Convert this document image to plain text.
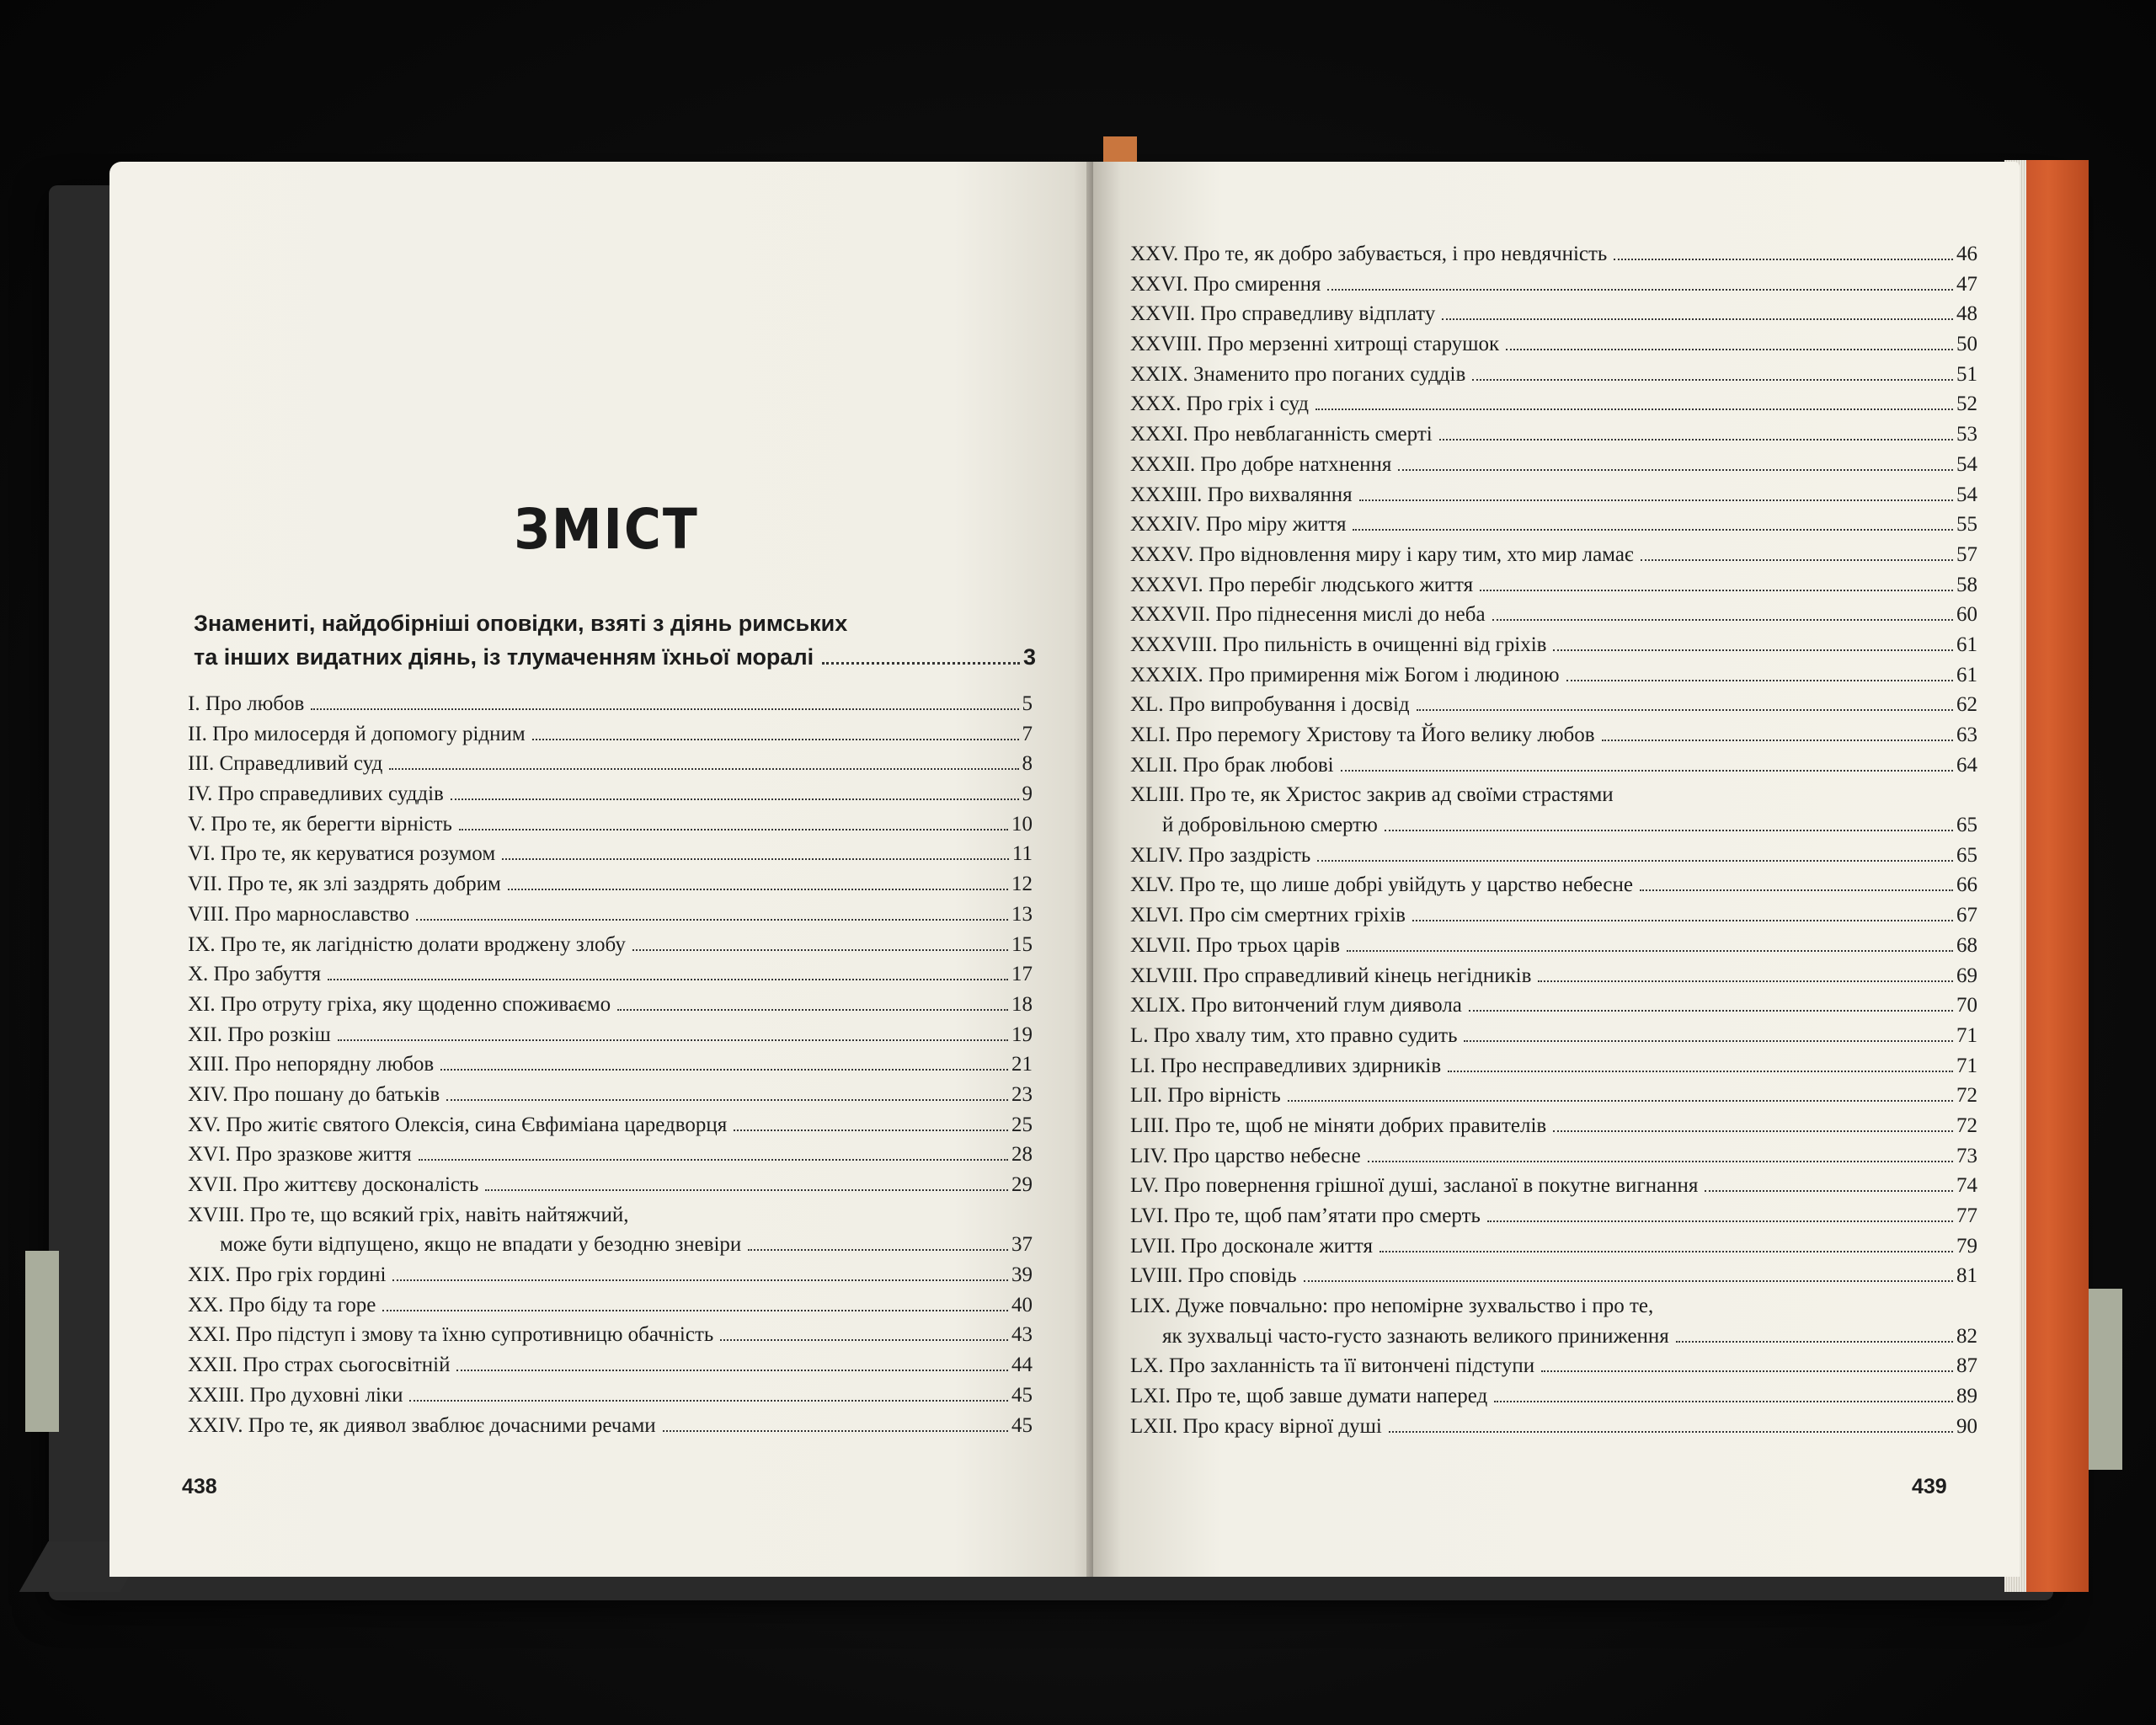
ЗМІСТ
Знамениті, найдобірніші оповідки, взяті з діянь римських
та інших видатних діянь, із тлумаченням їхньої моралі	3
I. Про любов	5
II. Про милосердя й допомогу рідним	7
III. Справедливий суд	8
IV. Про справедливих суддів	9
V. Про те, як берегти вірність	10
VI. Про те, як керуватися розумом	11
VII. Про те, як злі заздрять добрим	12
VIII. Про марнославство	13
IX. Про те, як лагідністю долати вроджену злобу	15
X. Про забуття	17
XI. Про отруту гріха, яку щоденно споживаємо	18
XII. Про розкіш	19
XIII. Про непорядну любов	21
XIV. Про пошану до батьків	23
XV. Про житіє святого Олексія, сина Євфиміана царедворця	25
XVI. Про зразкове життя	28
XVII. Про життєву досконалість	29
XVIII. Про те, що всякий гріх, навіть найтяжчий,
може бути відпущено, якщо не впадати у безодню зневіри	37
XIX. Про гріх гордині	39
XX. Про біду та горе	40
XXI. Про підступ і змову та їхню супротивницю обачність	43
XXII. Про страх сьогосвітній	44
XXIII. Про духовні ліки	45
XXIV. Про те, як диявол зваблює дочасними речами	45
438
XXV. Про те, як добро забувається, і про невдячність	46
XXVI. Про смирення	47
XXVII. Про справедливу відплату	48
XXVIII. Про мерзенні хитрощі старушок	50
XXIX. Знаменито про поганих суддів	51
XXX. Про гріх і суд	52
XXXI. Про невблаганність смерті	53
XXXII. Про добре натхнення	54
XXXIII. Про вихваляння	54
XXXIV. Про міру життя	55
XXXV. Про відновлення миру і кару тим, хто мир ламає	57
XXXVI. Про перебіг людського життя	58
XXXVII. Про піднесення мислі до неба	60
XXXVIII. Про пильність в очищенні від гріхів	61
XXXIX. Про примирення між Богом і людиною	61
XL. Про випробування і досвід	62
XLI. Про перемогу Христову та Його велику любов	63
XLII. Про брак любові	64
XLIII. Про те, як Христос закрив ад своїми страстями
й добровільною смертю	65
XLIV. Про заздрість	65
XLV. Про те, що лише добрі увійдуть у царство небесне	66
XLVI. Про сім смертних гріхів	67
XLVII. Про трьох царів	68
XLVIII. Про справедливий кінець негідників	69
XLIX. Про витончений глум диявола	70
L. Про хвалу тим, хто правно судить	71
LI. Про несправедливих здирників	71
LII. Про вірність	72
LIII. Про те, щоб не міняти добрих правителів	72
LIV. Про царство небесне	73
LV. Про повернення грішної душі, засланої в покутне вигнання	74
LVI. Про те, щоб пам’ятати про смерть	77
LVII. Про досконале життя	79
LVIII. Про сповідь	81
LIX. Дуже повчально: про непомірне зухвальство і про те,
як зухвальці часто-густо зазнають великого приниження	82
LX. Про захланність та її витончені підступи	87
LXI. Про те, щоб завше думати наперед	89
LXII. Про красу вірної душі	90
439
